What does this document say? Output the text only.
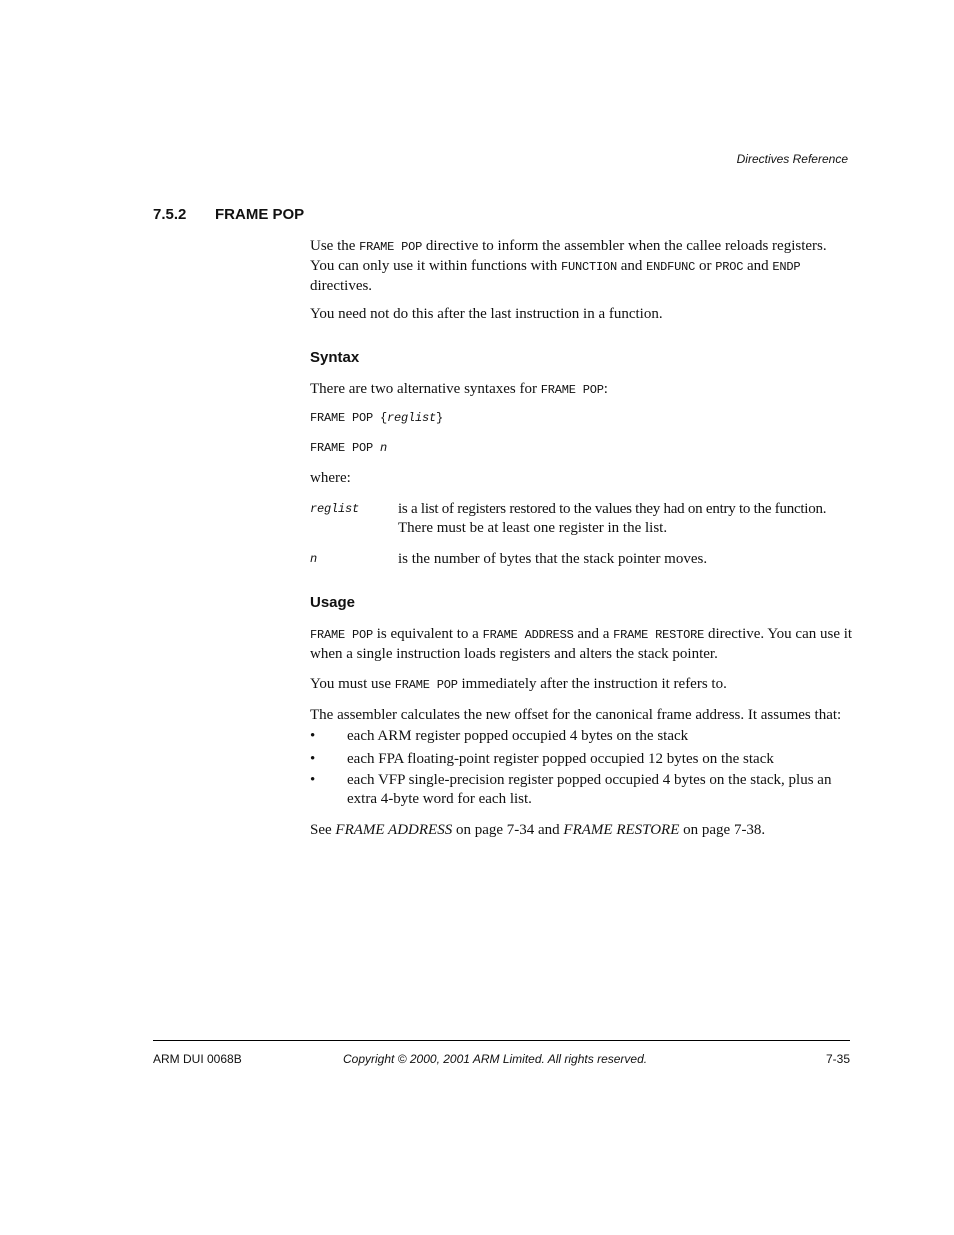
Directives Reference
7.5.2 FRAME POP
Use the FRAME POP directive to inform the assembler when the callee reloads registers.
You can only use it within functions with FUNCTION and ENDFUNC or PROC and ENDP
directives.
You need not do this after the last instruction in a function.
Syntax
There are two alternative syntaxes for FRAME POP:
FRAME POP {reglist}
FRAME POP n
where:
reglist	is a list of registers restored to the values they had on entry to the function.
There must be at least one register in the list.
n	is the number of bytes that the stack pointer moves.
Usage
FRAME POP is equivalent to a FRAME ADDRESS and a FRAME RESTORE directive. You can use it
when a single instruction loads registers and alters the stack pointer.
You must use FRAME POP immediately after the instruction it refers to.
The assembler calculates the new offset for the canonical frame address. It assumes that:
• each ARM register popped occupied 4 bytes on the stack
• each FPA floating-point register popped occupied 12 bytes on the stack
• each VFP single-precision register popped occupied 4 bytes on the stack, plus an
extra 4-byte word for each list.
See FRAME ADDRESS on page 7-34 and FRAME RESTORE on page 7-38.
ARM DUI 0068B	Copyright © 2000, 2001 ARM Limited. All rights reserved.	7-35
